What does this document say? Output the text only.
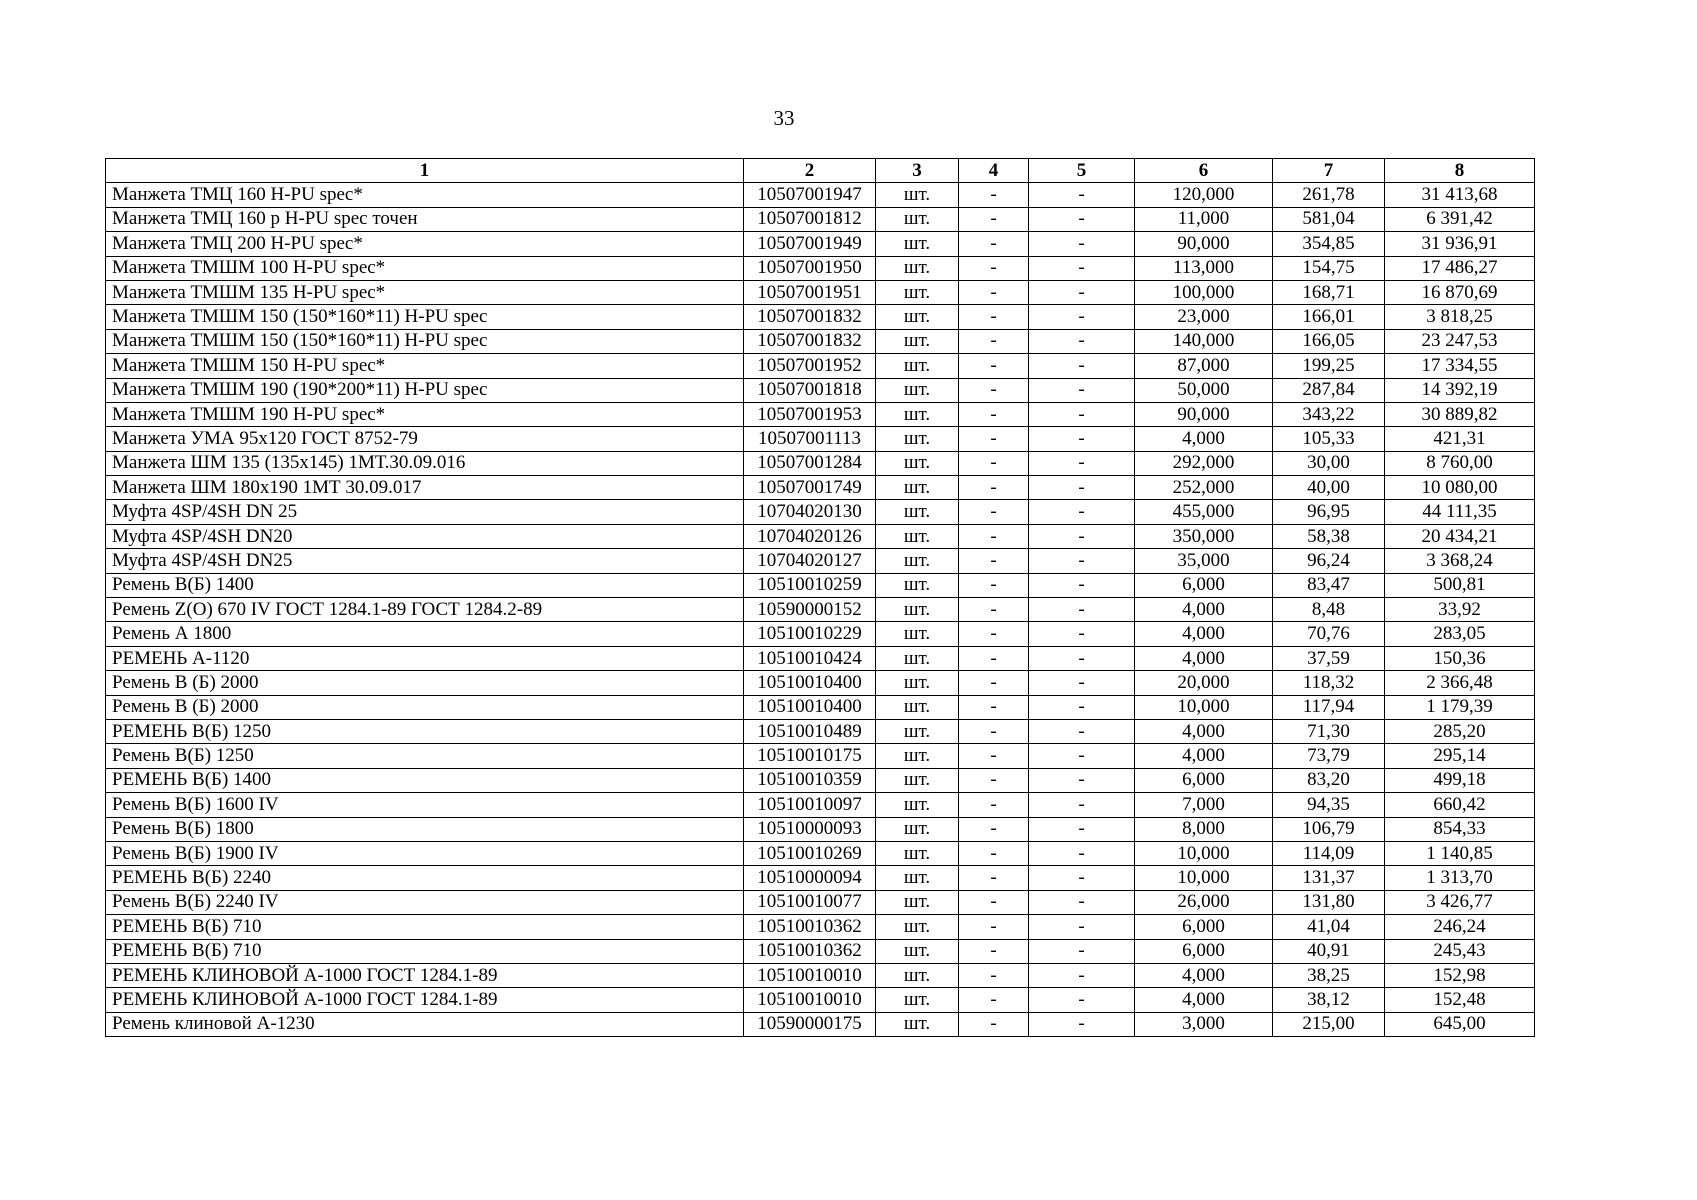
33
1	2	3	4	5	6	7	8
Манжета ТМЦ 160 H-PU spec*	10507001947	шт.	-	-	120,000	261,78	31 413,68
Манжета ТМЦ 160 р H-PU spec точен	10507001812	шт.	-	-	11,000	581,04	6 391,42
Манжета ТМЦ 200 H-PU spec*	10507001949	шт.	-	-	90,000	354,85	31 936,91
Манжета ТМШМ 100 H-PU spec*	10507001950	шт.	-	-	113,000	154,75	17 486,27
Манжета ТМШМ 135 H-PU spec*	10507001951	шт.	-	-	100,000	168,71	16 870,69
Манжета ТМШМ 150 (150*160*11) H-PU spec	10507001832	шт.	-	-	23,000	166,01	3 818,25
Манжета ТМШМ 150 (150*160*11) H-PU spec	10507001832	шт.	-	-	140,000	166,05	23 247,53
Манжета ТМШМ 150 H-PU spec*	10507001952	шт.	-	-	87,000	199,25	17 334,55
Манжета ТМШМ 190 (190*200*11) H-PU spec	10507001818	шт.	-	-	50,000	287,84	14 392,19
Манжета ТМШМ 190 H-PU spec*	10507001953	шт.	-	-	90,000	343,22	30 889,82
Манжета УМА 95x120 ГОСТ 8752-79	10507001113	шт.	-	-	4,000	105,33	421,31
Манжета ШМ 135 (135x145) 1МТ.30.09.016	10507001284	шт.	-	-	292,000	30,00	8 760,00
Манжета ШМ 180x190 1МТ 30.09.017	10507001749	шт.	-	-	252,000	40,00	10 080,00
Муфта 4SP/4SH DN 25	10704020130	шт.	-	-	455,000	96,95	44 111,35
Муфта 4SP/4SH DN20	10704020126	шт.	-	-	350,000	58,38	20 434,21
Муфта 4SP/4SH DN25	10704020127	шт.	-	-	35,000	96,24	3 368,24
Ремень B(Б) 1400	10510010259	шт.	-	-	6,000	83,47	500,81
Ремень Z(O) 670 IV ГОСТ 1284.1-89 ГОСТ 1284.2-89	10590000152	шт.	-	-	4,000	8,48	33,92
Ремень А 1800	10510010229	шт.	-	-	4,000	70,76	283,05
РЕМЕНЬ А-1120	10510010424	шт.	-	-	4,000	37,59	150,36
Ремень В (Б) 2000	10510010400	шт.	-	-	20,000	118,32	2 366,48
Ремень В (Б) 2000	10510010400	шт.	-	-	10,000	117,94	1 179,39
РЕМЕНЬ В(Б) 1250	10510010489	шт.	-	-	4,000	71,30	285,20
Ремень В(Б) 1250	10510010175	шт.	-	-	4,000	73,79	295,14
РЕМЕНЬ В(Б) 1400	10510010359	шт.	-	-	6,000	83,20	499,18
Ремень В(Б) 1600 IV	10510010097	шт.	-	-	7,000	94,35	660,42
Ремень В(Б) 1800	10510000093	шт.	-	-	8,000	106,79	854,33
Ремень В(Б) 1900 IV	10510010269	шт.	-	-	10,000	114,09	1 140,85
РЕМЕНЬ В(Б) 2240	10510000094	шт.	-	-	10,000	131,37	1 313,70
Ремень В(Б) 2240 IV	10510010077	шт.	-	-	26,000	131,80	3 426,77
РЕМЕНЬ В(Б) 710	10510010362	шт.	-	-	6,000	41,04	246,24
РЕМЕНЬ В(Б) 710	10510010362	шт.	-	-	6,000	40,91	245,43
РЕМЕНЬ КЛИНОВОЙ А-1000 ГОСТ 1284.1-89	10510010010	шт.	-	-	4,000	38,25	152,98
РЕМЕНЬ КЛИНОВОЙ А-1000 ГОСТ 1284.1-89	10510010010	шт.	-	-	4,000	38,12	152,48
Ремень клиновой А-1230	10590000175	шт.	-	-	3,000	215,00	645,00
